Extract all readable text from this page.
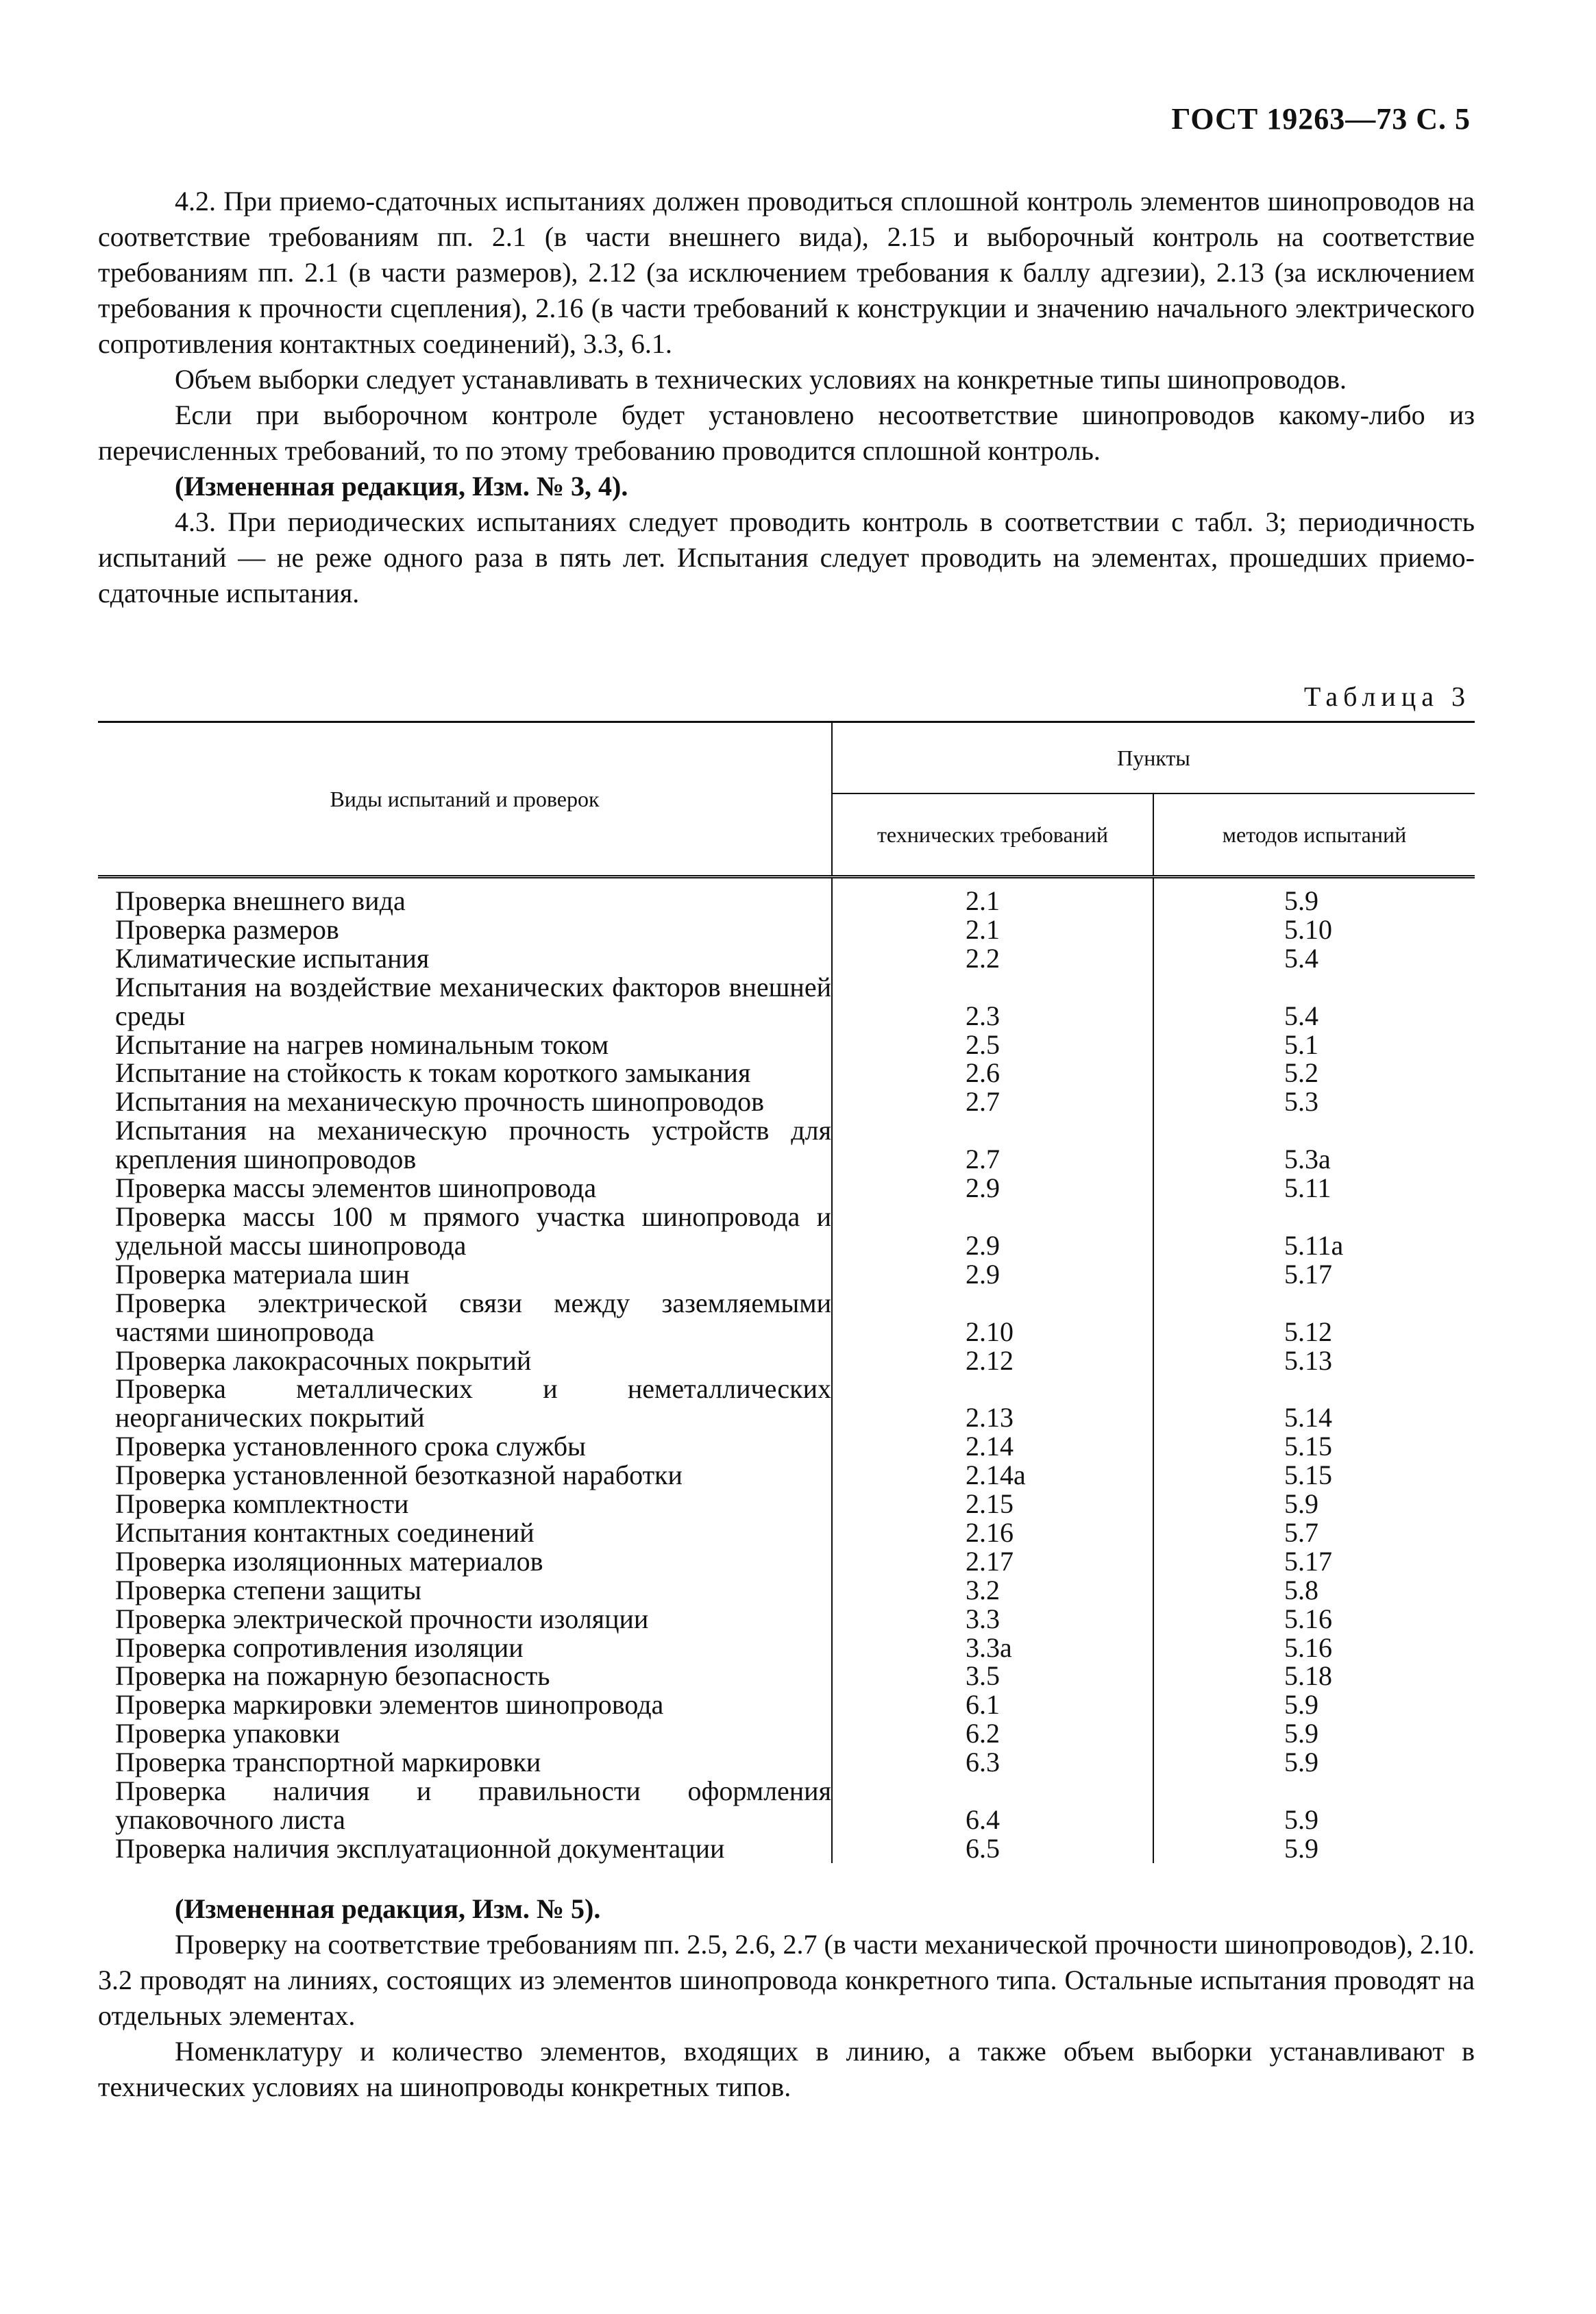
ГОСТ 19263—73 С. 5

4.2. При приемо-сдаточных испытаниях должен проводиться сплошной контроль элементов шинопроводов на соответствие требованиям пп. 2.1 (в части внешнего вида), 2.15 и выборочный контроль на соответствие требованиям пп. 2.1 (в части размеров), 2.12 (за исключением требования к баллу адгезии), 2.13 (за исключением требования к прочности сцепления), 2.16 (в части требований к конструкции и значению начального электрического сопротивления контактных соединений), 3.3, 6.1.

Объем выборки следует устанавливать в технических условиях на конкретные типы шинопроводов.

Если при выборочном контроле будет установлено несоответствие шинопроводов какому-либо из перечисленных требований, то по этому требованию проводится сплошной контроль.

(Измененная редакция, Изм. № 3, 4).

4.3. При периодических испытаниях следует проводить контроль в соответствии с табл. 3; периодичность испытаний — не реже одного раза в пять лет. Испытания следует проводить на элементах, прошедших приемо-сдаточные испытания.

Таблица 3
Виды испытаний и проверок	Пункты	
	технических требований	методов испытаний
Проверка внешнего вида	2.1	5.9
Проверка размеров	2.1	5.10
Климатические испытания	2.2	5.4
Испытания на воздействие механических факторов внешней среды	2.3	5.4
Испытание на нагрев номинальным током	2.5	5.1
Испытание на стойкость к токам короткого замыкания	2.6	5.2
Испытания на механическую прочность шинопроводов	2.7	5.3
Испытания на механическую прочность устройств для крепления шинопроводов	2.7	5.3а
Проверка массы элементов шинопровода	2.9	5.11
Проверка массы 100 м прямого участка шинопровода и удельной массы шинопровода	2.9	5.11а
Проверка материала шин	2.9	5.17
Проверка электрической связи между заземляемыми частями шинопровода	2.10	5.12
Проверка лакокрасочных покрытий	2.12	5.13
Проверка металлических и неметаллических неорганических покрытий	2.13	5.14
Проверка установленного срока службы	2.14	5.15
Проверка установленной безотказной наработки	2.14а	5.15
Проверка комплектности	2.15	5.9
Испытания контактных соединений	2.16	5.7
Проверка изоляционных материалов	2.17	5.17
Проверка степени защиты	3.2	5.8
Проверка электрической прочности изоляции	3.3	5.16
Проверка сопротивления изоляции	3.3а	5.16
Проверка на пожарную безопасность	3.5	5.18
Проверка маркировки элементов шинопровода	6.1	5.9
Проверка упаковки	6.2	5.9
Проверка транспортной маркировки	6.3	5.9
Проверка наличия и правильности оформления упаковочного листа	6.4	5.9
Проверка наличия эксплуатационной документации	6.5	5.9

(Измененная редакция, Изм. № 5).

Проверку на соответствие требованиям пп. 2.5, 2.6, 2.7 (в части механической прочности шинопроводов), 2.10. 3.2 проводят на линиях, состоящих из элементов шинопровода конкретного типа. Остальные испытания проводят на отдельных элементах.

Номенклатуру и количество элементов, входящих в линию, а также объем выборки устанавливают в технических условиях на шинопроводы конкретных типов.
